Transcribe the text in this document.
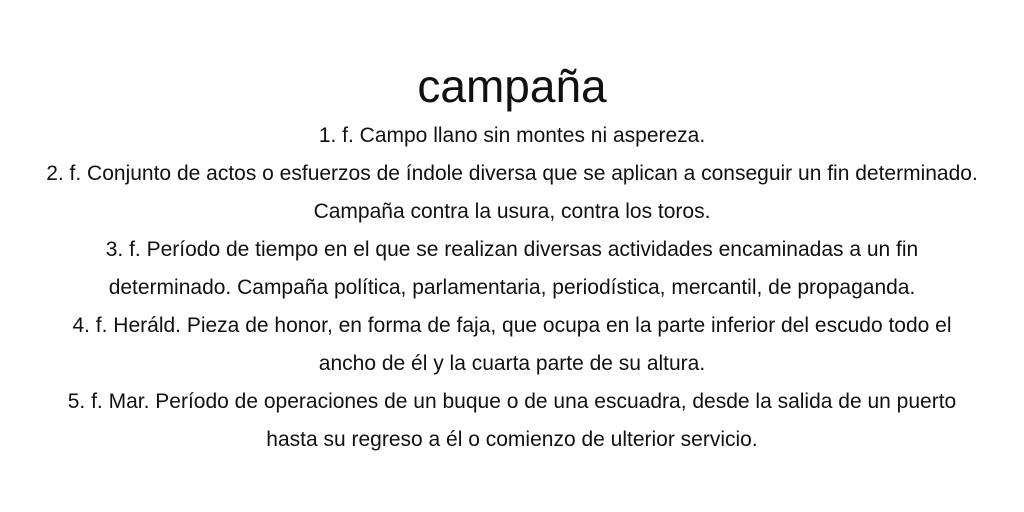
campaña
1. f. Campo llano sin montes ni aspereza.
2. f. Conjunto de actos o esfuerzos de índole diversa que se aplican a conseguir un fin determinado. Campaña contra la usura, contra los toros.
3. f. Período de tiempo en el que se realizan diversas actividades encaminadas a un fin determinado. Campaña política, parlamentaria, periodística, mercantil, de propaganda.
4. f. Heráld. Pieza de honor, en forma de faja, que ocupa en la parte inferior del escudo todo el ancho de él y la cuarta parte de su altura.
5. f. Mar. Período de operaciones de un buque o de una escuadra, desde la salida de un puerto hasta su regreso a él o comienzo de ulterior servicio.
